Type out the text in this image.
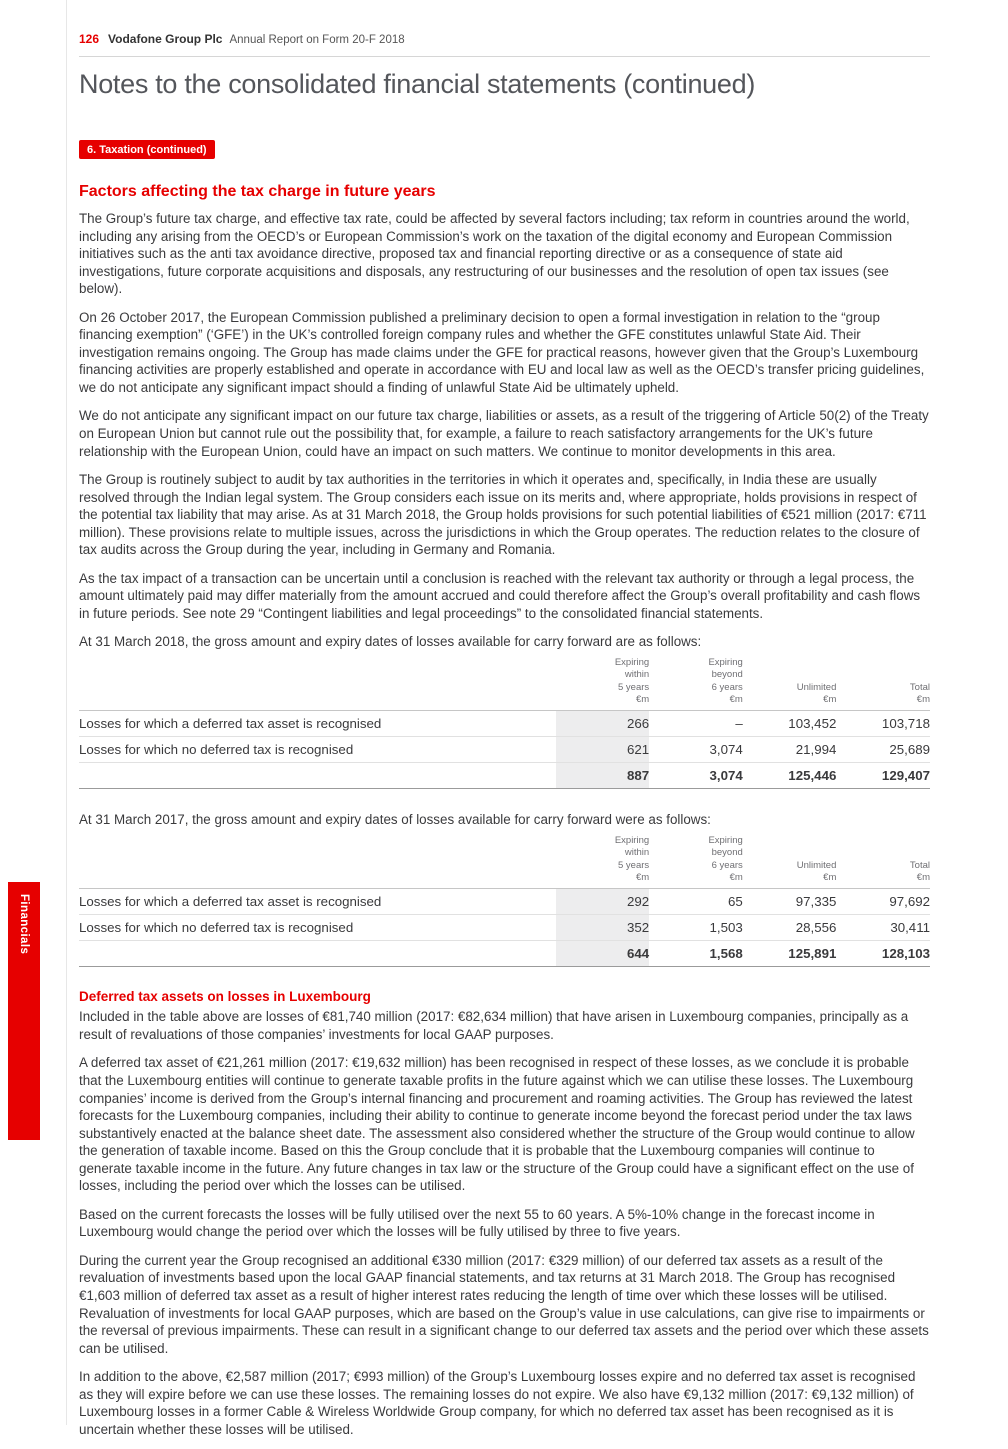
Financials
126 Vodafone Group Plc Annual Report on Form 20-F 2018
Notes to the consolidated financial statements (continued)
6. Taxation (continued)
Factors affecting the tax charge in future years

The Group’s future tax charge, and effective tax rate, could be affected by several factors including; tax reform in countries around the world, including any arising from the OECD’s or European Commission’s work on the taxation of the digital economy and European Commission initiatives such as the anti tax avoidance directive, proposed tax and financial reporting directive or as a consequence of state aid investigations, future corporate acquisitions and disposals, any restructuring of our businesses and the resolution of open tax issues (see below).

On 26 October 2017, the European Commission published a preliminary decision to open a formal investigation in relation to the “group financing exemption” (‘GFE’) in the UK’s controlled foreign company rules and whether the GFE constitutes unlawful State Aid. Their investigation remains ongoing. The Group has made claims under the GFE for practical reasons, however given that the Group’s Luxembourg financing activities are properly established and operate in accordance with EU and local law as well as the OECD’s transfer pricing guidelines, we do not anticipate any significant impact should a finding of unlawful State Aid be ultimately upheld.

We do not anticipate any significant impact on our future tax charge, liabilities or assets, as a result of the triggering of Article 50(2) of the Treaty on European Union but cannot rule out the possibility that, for example, a failure to reach satisfactory arrangements for the UK’s future relationship with the European Union, could have an impact on such matters. We continue to monitor developments in this area.

The Group is routinely subject to audit by tax authorities in the territories in which it operates and, specifically, in India these are usually resolved through the Indian legal system. The Group considers each issue on its merits and, where appropriate, holds provisions in respect of the potential tax liability that may arise. As at 31 March 2018, the Group holds provisions for such potential liabilities of €521 million (2017: €711 million). These provisions relate to multiple issues, across the jurisdictions in which the Group operates. The reduction relates to the closure of tax audits across the Group during the year, including in Germany and Romania.

As the tax impact of a transaction can be uncertain until a conclusion is reached with the relevant tax authority or through a legal process, the amount ultimately paid may differ materially from the amount accrued and could therefore affect the Group’s overall profitability and cash flows in future periods. See note 29 “Contingent liabilities and legal proceedings” to the consolidated financial statements.

At 31 March 2018, the gross amount and expiry dates of losses available for carry forward are as follows:

	Expiring
within
5 years
€m	Expiring
beyond
6 years
€m	Unlimited
€m	Total
€m
Losses for which a deferred tax asset is recognised	266	–	103,452	103,718
Losses for which no deferred tax is recognised	621	3,074	21,994	25,689
	887	3,074	125,446	129,407

At 31 March 2017, the gross amount and expiry dates of losses available for carry forward were as follows:

	Expiring
within
5 years
€m	Expiring
beyond
6 years
€m	Unlimited
€m	Total
€m
Losses for which a deferred tax asset is recognised	292	65	97,335	97,692
Losses for which no deferred tax is recognised	352	1,503	28,556	30,411
	644	1,568	125,891	128,103
Deferred tax assets on losses in Luxembourg

Included in the table above are losses of €81,740 million (2017: €82,634 million) that have arisen in Luxembourg companies, principally as a result of revaluations of those companies’ investments for local GAAP purposes.

A deferred tax asset of €21,261 million (2017: €19,632 million) has been recognised in respect of these losses, as we conclude it is probable that the Luxembourg entities will continue to generate taxable profits in the future against which we can utilise these losses. The Luxembourg companies’ income is derived from the Group’s internal financing and procurement and roaming activities. The Group has reviewed the latest forecasts for the Luxembourg companies, including their ability to continue to generate income beyond the forecast period under the tax laws substantively enacted at the balance sheet date. The assessment also considered whether the structure of the Group would continue to allow the generation of taxable income. Based on this the Group conclude that it is probable that the Luxembourg companies will continue to generate taxable income in the future. Any future changes in tax law or the structure of the Group could have a significant effect on the use of losses, including the period over which the losses can be utilised.

Based on the current forecasts the losses will be fully utilised over the next 55 to 60 years. A 5%-10% change in the forecast income in Luxembourg would change the period over which the losses will be fully utilised by three to five years.

During the current year the Group recognised an additional €330 million (2017: €329 million) of our deferred tax assets as a result of the revaluation of investments based upon the local GAAP financial statements, and tax returns at 31 March 2018. The Group has recognised €1,603 million of deferred tax asset as a result of higher interest rates reducing the length of time over which these losses will be utilised. Revaluation of investments for local GAAP purposes, which are based on the Group’s value in use calculations, can give rise to impairments or the reversal of previous impairments. These can result in a significant change to our deferred tax assets and the period over which these assets can be utilised.

In addition to the above, €2,587 million (2017; €993 million) of the Group’s Luxembourg losses expire and no deferred tax asset is recognised as they will expire before we can use these losses. The remaining losses do not expire. We also have €9,132 million (2017: €9,132 million) of Luxembourg losses in a former Cable & Wireless Worldwide Group company, for which no deferred tax asset has been recognised as it is uncertain whether these losses will be utilised.
